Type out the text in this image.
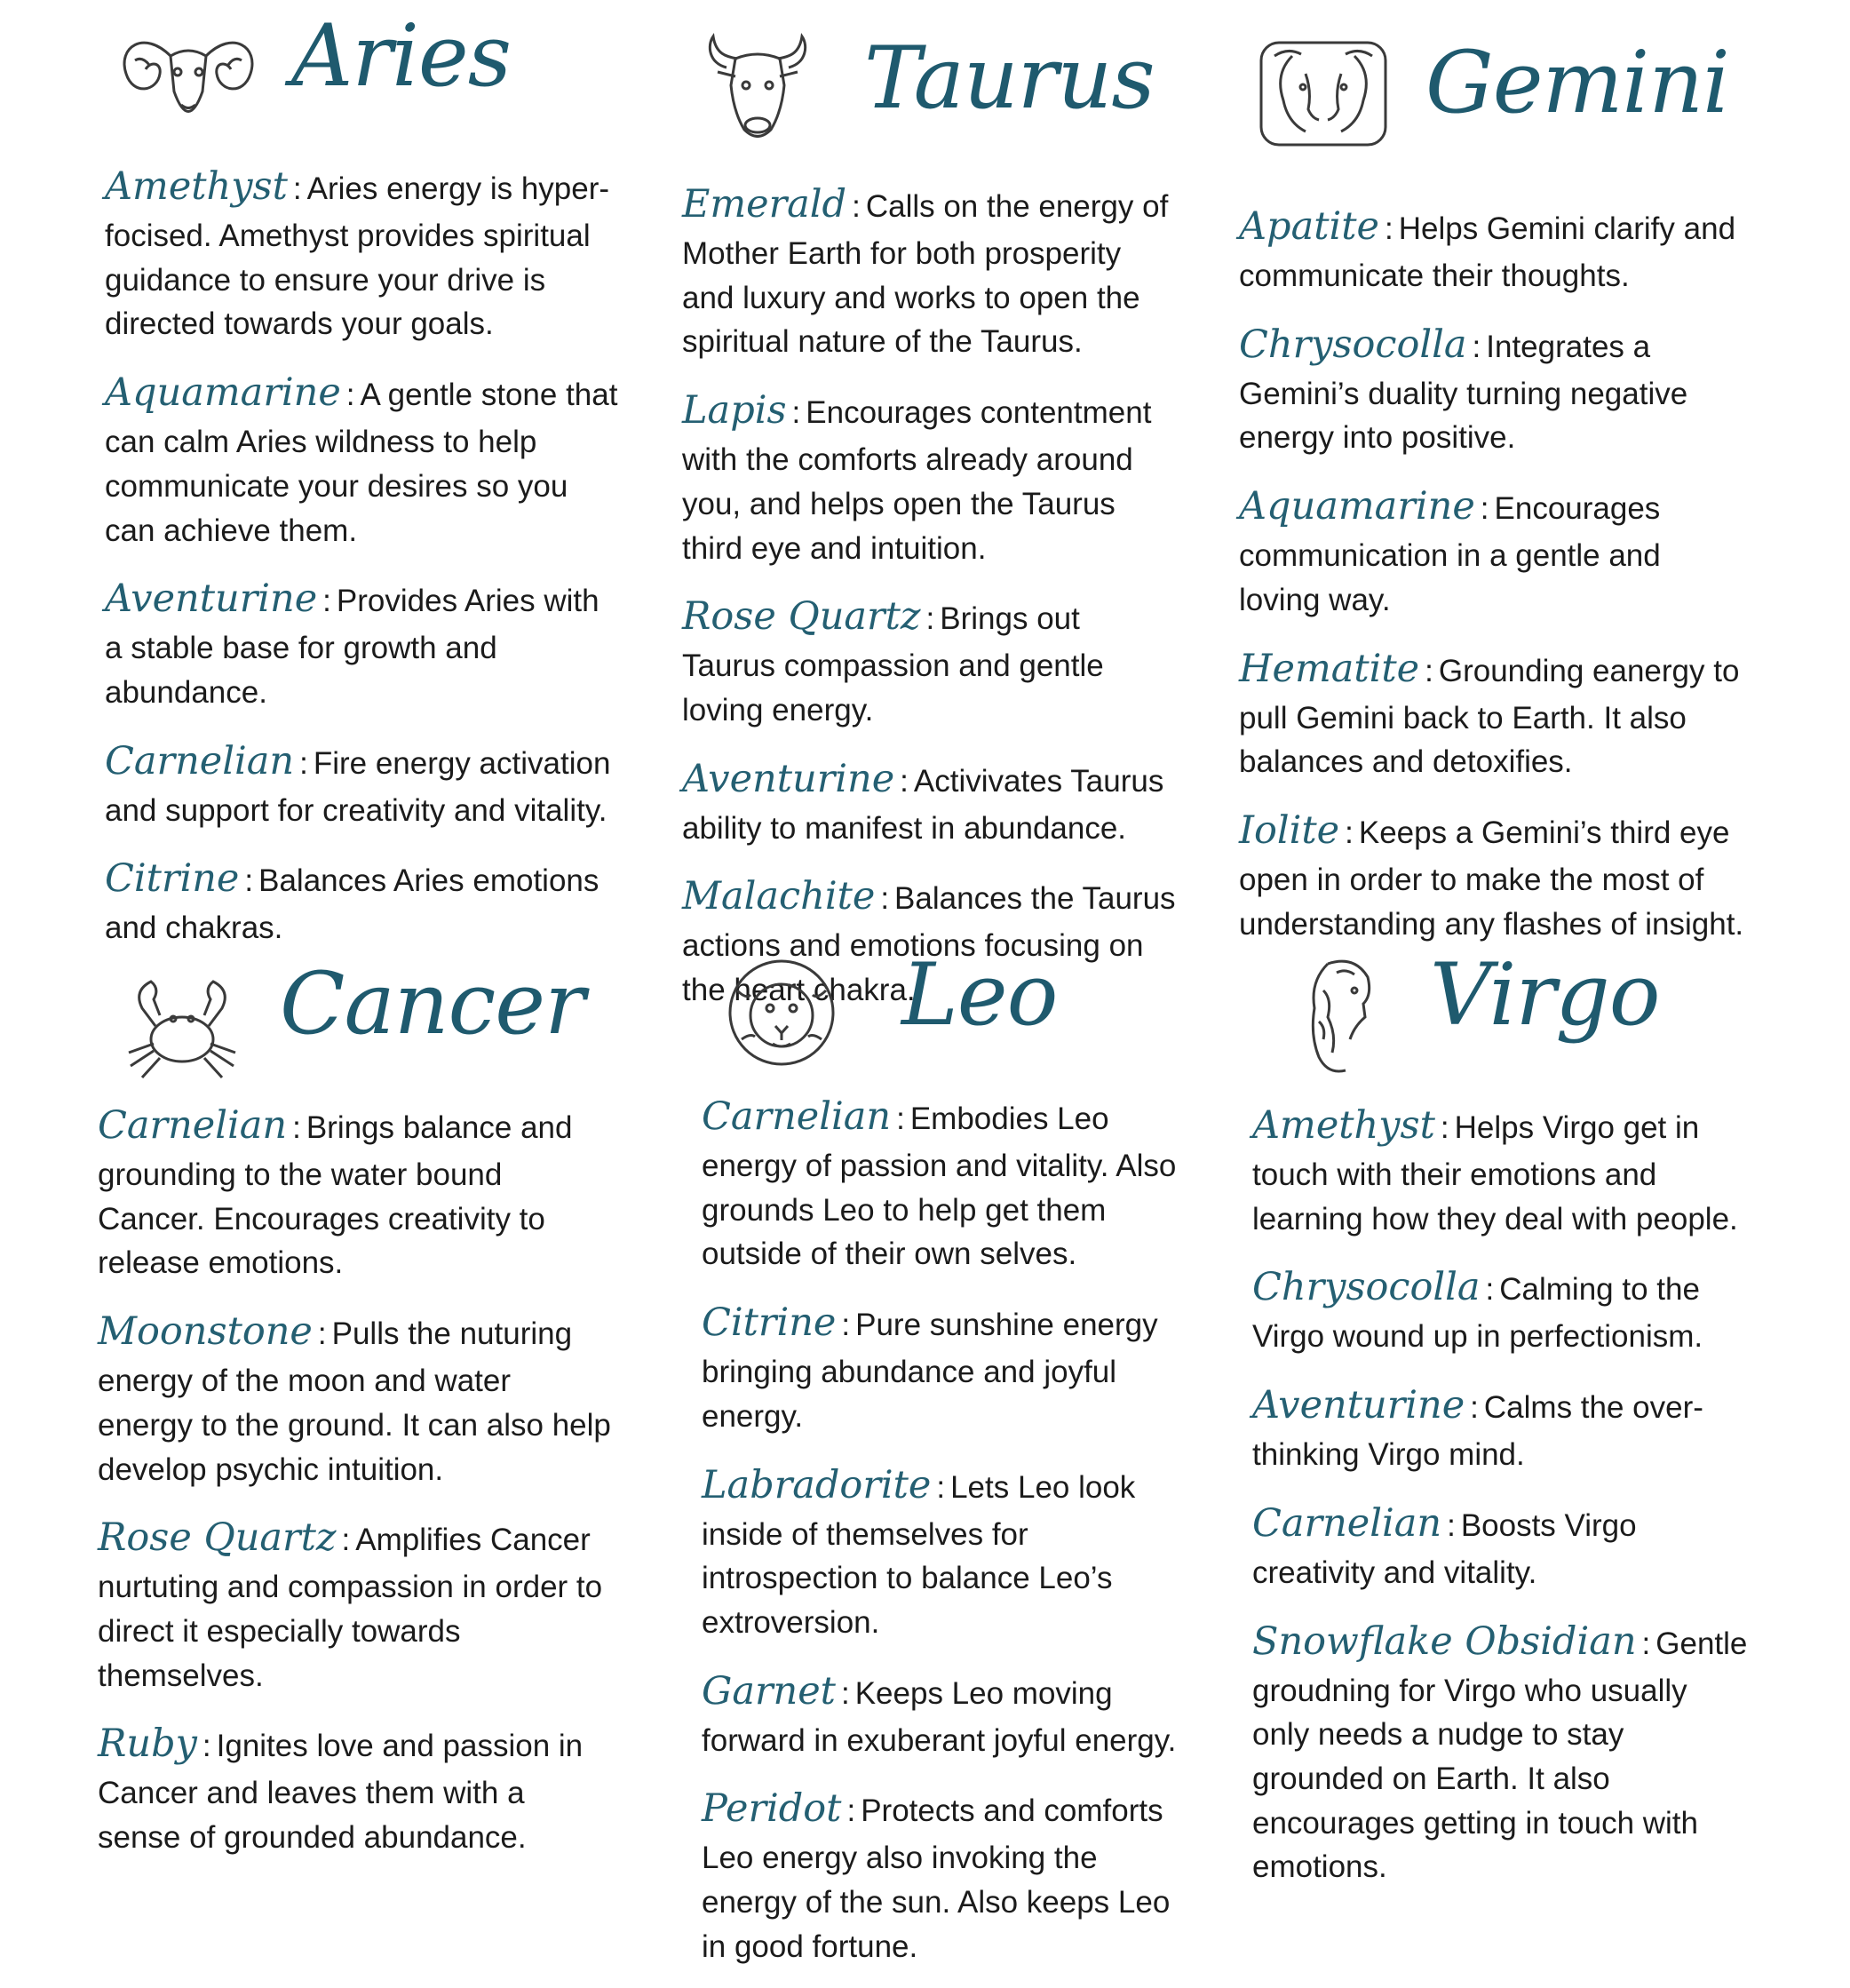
Aries

Amethyst : Aries energy is hyper-focised. Amethyst provides spiritual guidance to ensure your drive is directed towards your goals.

Aquamarine : A gentle stone that can calm Aries wildness to help communicate your desires so you can achieve them.

Aventurine : Provides Aries with a stable base for growth and abundance.

Carnelian : Fire energy activation and support for creativity and vitality.

Citrine : Balances Aries emotions and chakras.

Taurus

Emerald : Calls on the energy of Mother Earth for both prosperity and luxury and works to open the spiritual nature of the Taurus.

Lapis : Encourages contentment with the comforts already around you, and helps open the Taurus third eye and intuition.

Rose Quartz : Brings out Taurus compassion and gentle loving energy.

Aventurine : Activivates Taurus ability to manifest in abundance.

Malachite : Balances the Taurus actions and emotions focusing on the heart chakra.

Gemini

Apatite : Helps Gemini clarify and communicate their thoughts.

Chrysocolla : Integrates a Gemini’s duality turning negative energy into positive.

Aquamarine : Encourages communication in a gentle and loving way.

Hematite : Grounding eanergy to pull Gemini back to Earth. It also balances and detoxifies.

Iolite : Keeps a Gemini’s third eye open in order to make the most of understanding any flashes of insight.

Cancer

Carnelian : Brings balance and grounding to the water bound Cancer. Encourages creativity to release emotions.

Moonstone : Pulls the nuturing energy of the moon and water energy to the ground. It can also help develop psychic intuition.

Rose Quartz : Amplifies Cancer nurtuting and compassion in order to direct it especially towards themselves.

Ruby : Ignites love and passion in Cancer and leaves them with a sense of grounded abundance.

Leo

Carnelian : Embodies Leo energy of passion and vitality. Also grounds Leo to help get them outside of their own selves.

Citrine : Pure sunshine energy bringing abundance and joyful energy.

Labradorite : Lets Leo look inside of themselves for introspection to balance Leo’s extroversion.

Garnet : Keeps Leo moving forward in exuberant joyful energy.

Peridot : Protects and comforts Leo energy also invoking the energy of the sun. Also keeps Leo in good fortune.

Virgo

Amethyst : Helps Virgo get in touch with their emotions and learning how they deal with people.

Chrysocolla : Calming to the Virgo wound up in perfectionism.

Aventurine : Calms the over-thinking Virgo mind.

Carnelian : Boosts Virgo creativity and vitality.

Snowflake Obsidian : Gentle groudning for Virgo who usually only needs a nudge to stay grounded on Earth. It also encourages getting in touch with emotions.
